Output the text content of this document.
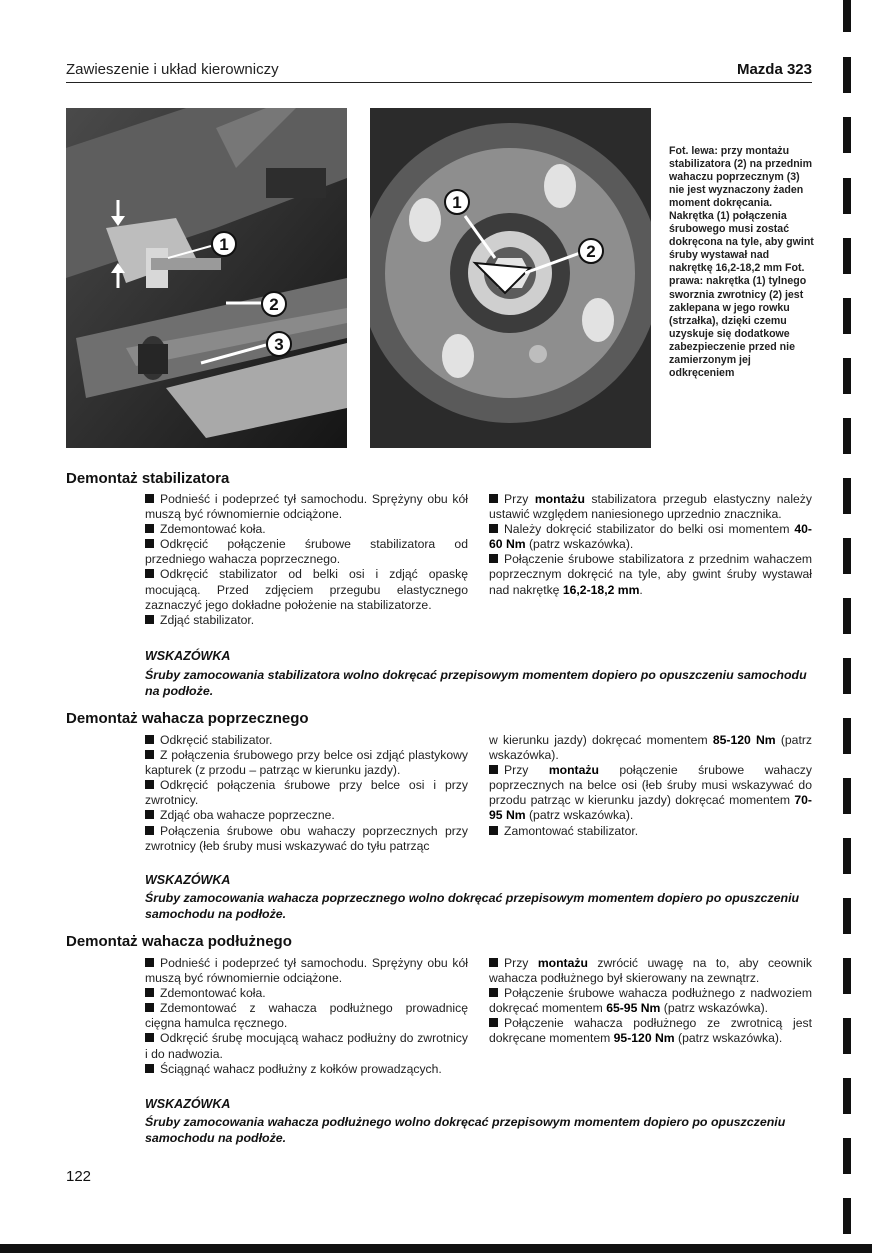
Zawieszenie i układ kierowniczy	Mazda 323
1
2
3
1
2
Fot. lewa: przy montażu stabilizatora (2) na przednim wahaczu poprzecznym (3) nie jest wyznaczony żaden moment dokręcania. Nakrętka (1) połączenia śrubowego musi zostać dokręcona na tyle, aby gwint śruby wystawał nad nakrętkę 16,2-18,2 mm Fot. prawa: nakrętka (1) tylnego sworznia zwrotnicy (2) jest zaklepana w jego rowku (strzałka), dzięki czemu uzyskuje się dodatkowe zabezpieczenie przed nie zamierzonym jej odkręceniem
Demontaż stabilizatora

Podnieść i podeprzeć tył samochodu. Sprężyny obu kół muszą być równomiernie odciążone.

Zdemontować koła.

Odkręcić połączenie śrubowe stabilizatora od przedniego wahacza poprzecznego.

Odkręcić stabilizator od belki osi i zdjąć opaskę mocującą. Przed zdjęciem przegubu elastycznego zaznaczyć jego dokładne położenie na stabilizatorze.

Zdjąć stabilizator.

Przy montażu stabilizatora przegub elastyczny należy ustawić względem naniesionego uprzednio znacznika.

Należy dokręcić stabilizator do belki osi momentem 40-60 Nm (patrz wskazówka).

Połączenie śrubowe stabilizatora z przednim wahaczem poprzecznym dokręcić na tyle, aby gwint śruby wystawał nad nakrętkę 16,2-18,2 mm.

WSKAZÓWKA
Śruby zamocowania stabilizatora wolno dokręcać przepisowym momentem dopiero po opuszczeniu samochodu na podłoże.
Demontaż wahacza poprzecznego

Odkręcić stabilizator.

Z połączenia śrubowego przy belce osi zdjąć plastykowy kapturek (z przodu – patrząc w kierunku jazdy).

Odkręcić połączenia śrubowe przy belce osi i przy zwrotnicy.

Zdjąć oba wahacze poprzeczne.

Połączenia śrubowe obu wahaczy poprzecznych przy zwrotnicy (łeb śruby musi wskazywać do tyłu patrząc

w kierunku jazdy) dokręcać momentem 85-120 Nm (patrz wskazówka).

Przy montażu połączenie śrubowe wahaczy poprzecznych na belce osi (łeb śruby musi wskazywać do przodu patrząc w kierunku jazdy) dokręcać momentem 70-95 Nm (patrz wskazówka).

Zamontować stabilizator.

WSKAZÓWKA
Śruby zamocowania wahacza poprzecznego wolno dokręcać przepisowym momentem dopiero po opuszczeniu samochodu na podłoże.
Demontaż wahacza podłużnego

Podnieść i podeprzeć tył samochodu. Sprężyny obu kół muszą być równomiernie odciążone.

Zdemontować koła.

Zdemontować z wahacza podłużnego prowadnicę cięgna hamulca ręcznego.

Odkręcić śrubę mocującą wahacz podłużny do zwrotnicy i do nadwozia.

Ściągnąć wahacz podłużny z kołków prowadzących.

Przy montażu zwrócić uwagę na to, aby ceownik wahacza podłużnego był skierowany na zewnątrz.

Połączenie śrubowe wahacza podłużnego z nadwoziem dokręcać momentem 65-95 Nm (patrz wskazówka).

Połączenie wahacza podłużnego ze zwrotnicą jest dokręcane momentem 95-120 Nm (patrz wskazówka).

WSKAZÓWKA
Śruby zamocowania wahacza podłużnego wolno dokręcać przepisowym momentem dopiero po opuszczeniu samochodu na podłoże.
122
